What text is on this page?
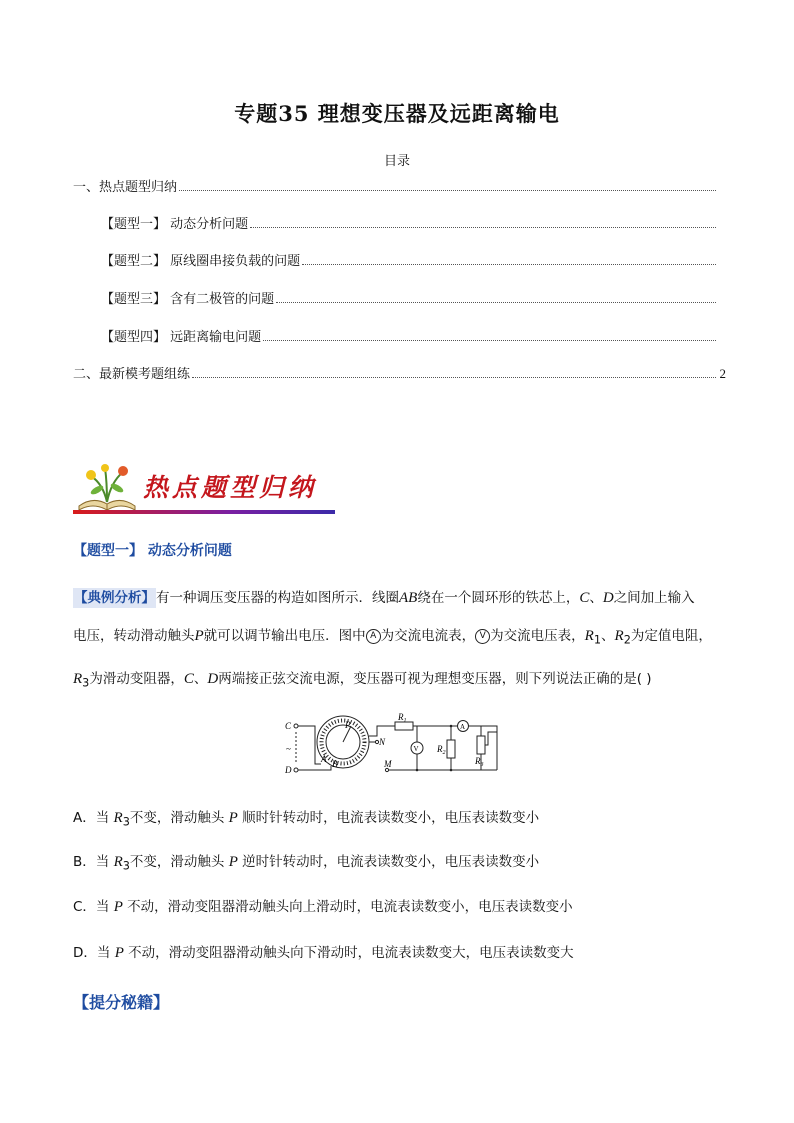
专题35 理想变压器及远距离输电
目录
一、热点题型归纳
【题型一】 动态分析问题
【题型二】 原线圈串接负载的问题
【题型三】 含有二极管的问题
【题型四】 远距离输电问题
二、最新模考题组练	2
热点题型归纳
【题型一】 动态分析问题
【典例分析】有一种调压变压器的构造如图所示．线圈AB绕在一个圆环形的铁芯上，C、D之间加上输入
电压，转动滑动触头P就可以调节输出电压．图中 A 为交流电流表， V 为交流电压表，$R_1$、$R_2$为定值电阻，
$R_3$为滑动变阻器，C、D两端接正弦交流电源，变压器可视为理想变压器，则下列说法正确的是( )
C
D
~
P
A B
N
M
$R_1$
A
V $R_2$
$R_3$
A．当 $R_3$不变，滑动触头 P 顺时针转动时，电流表读数变小，电压表读数变小
B．当 $R_3$不变，滑动触头 P 逆时针转动时，电流表读数变小，电压表读数变小
C．当 P 不动，滑动变阻器滑动触头向上滑动时，电流表读数变小，电压表读数变小
D．当 P 不动，滑动变阻器滑动触头向下滑动时，电流表读数变大，电压表读数变大
【提分秘籍】
